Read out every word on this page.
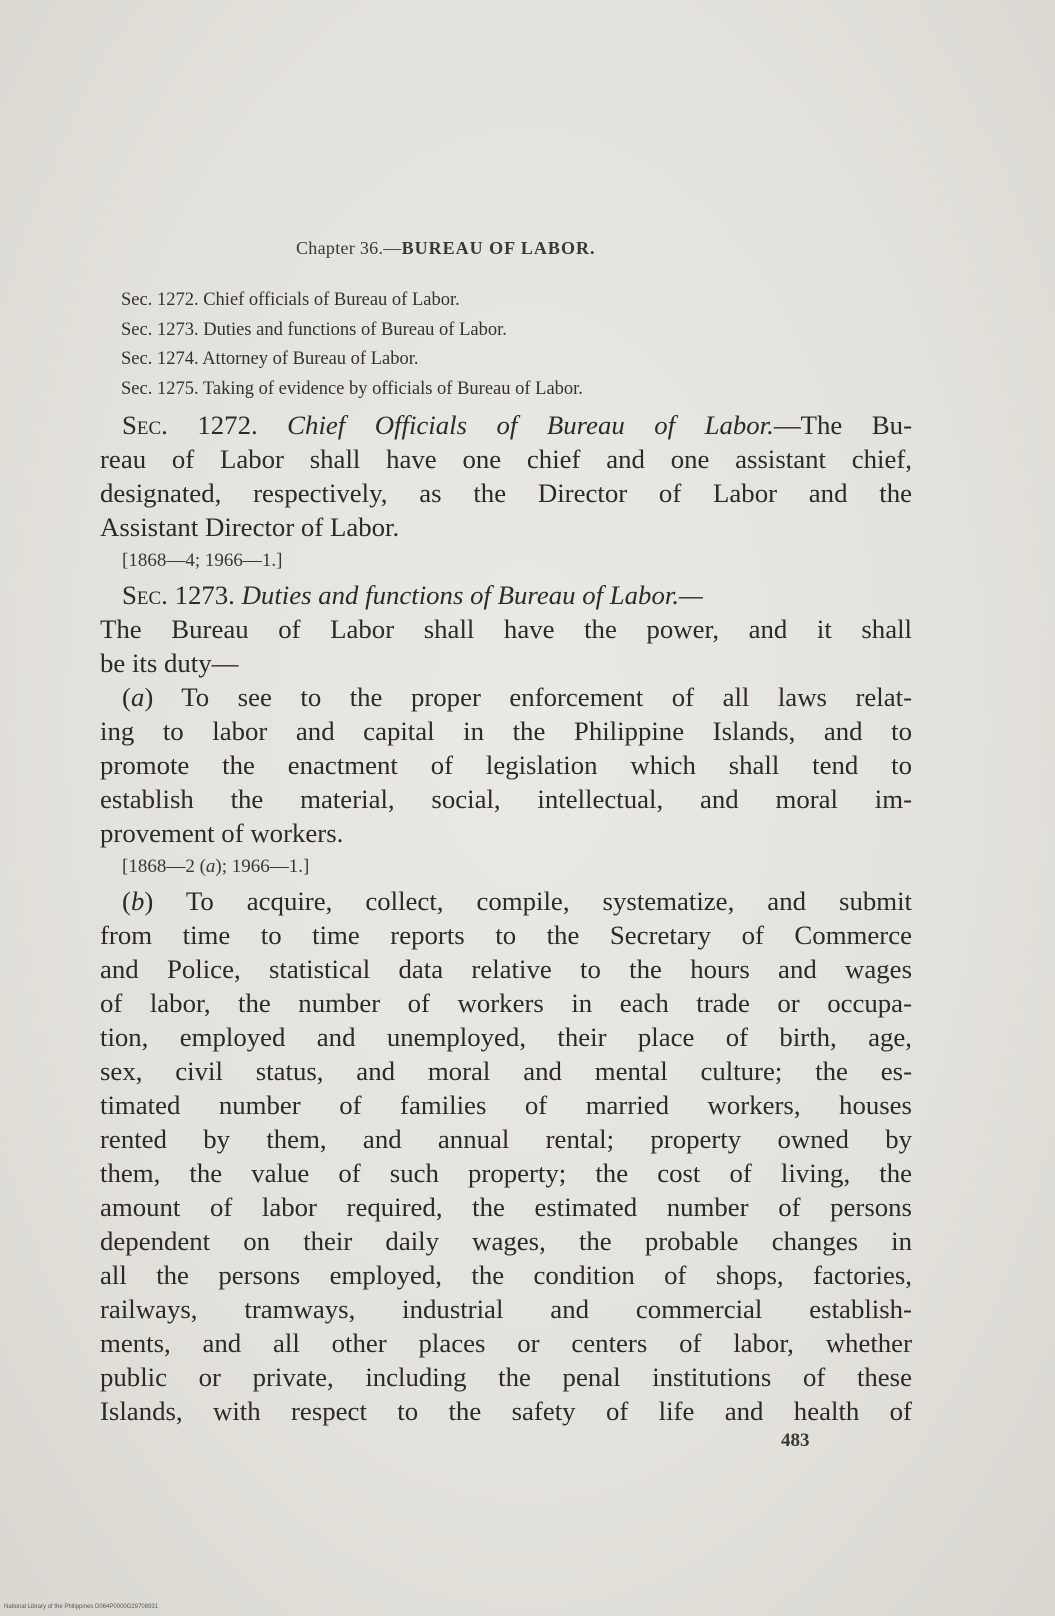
Chapter 36.—BUREAU OF LABOR.
Sec. 1272. Chief officials of Bureau of Labor.
Sec. 1273. Duties and functions of Bureau of Labor.
Sec. 1274. Attorney of Bureau of Labor.
Sec. 1275. Taking of evidence by officials of Bureau of Labor.
Sec. 1272. Chief Officials of Bureau of Labor.—The Bu-
reau of Labor shall have one chief and one assistant chief,
designated, respectively, as the Director of Labor and the
Assistant Director of Labor.
[1868—4; 1966—1.]
Sec. 1273. Duties and functions of Bureau of Labor.—
The Bureau of Labor shall have the power, and it shall
be its duty—
(a) To see to the proper enforcement of all laws relat-
ing to labor and capital in the Philippine Islands, and to
promote the enactment of legislation which shall tend to
establish the material, social, intellectual, and moral im-
provement of workers.
[1868—2 (a); 1966—1.]
(b) To acquire, collect, compile, systematize, and submit
from time to time reports to the Secretary of Commerce
and Police, statistical data relative to the hours and wages
of labor, the number of workers in each trade or occupa-
tion, employed and unemployed, their place of birth, age,
sex, civil status, and moral and mental culture; the es-
timated number of families of married workers, houses
rented by them, and annual rental; property owned by
them, the value of such property; the cost of living, the
amount of labor required, the estimated number of persons
dependent on their daily wages, the probable changes in
all the persons employed, the condition of shops, factories,
railways, tramways, industrial and commercial establish-
ments, and all other places or centers of labor, whether
public or private, including the penal institutions of these
Islands, with respect to the safety of life and health of
483
National Library of the Philippines D064P0000G29708931
